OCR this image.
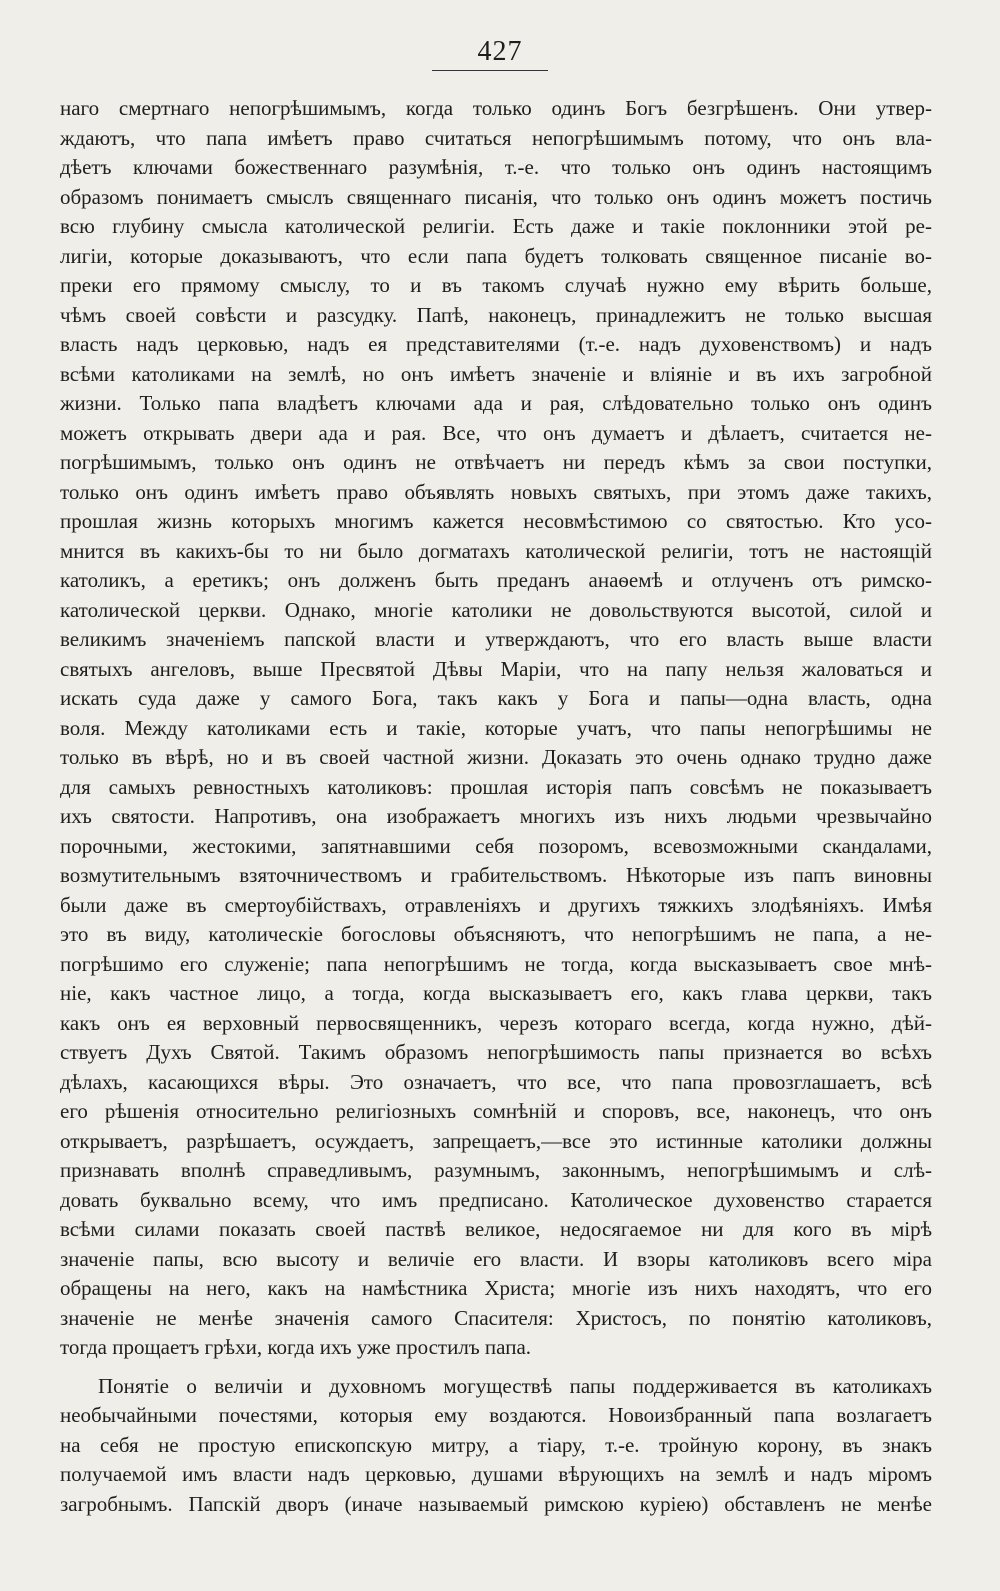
427
наго смертнаго непогрѣшимымъ, когда только одинъ Богъ безгрѣшенъ. Они утвер-
ждаютъ, что папа имѣетъ право считаться непогрѣшимымъ потому, что онъ вла-
дѣетъ ключами божественнаго разумѣнія, т.-е. что только онъ одинъ настоящимъ
образомъ понимаетъ смыслъ священнаго писанія, что только онъ одинъ можетъ постичь
всю глубину смысла католической религіи. Есть даже и такіе поклонники этой ре-
лигіи, которые доказываютъ, что если папа будетъ толковать священное писаніе во-
преки его прямому смыслу, то и въ такомъ случаѣ нужно ему вѣрить больше,
чѣмъ своей совѣсти и разсудку. Папѣ, наконецъ, принадлежитъ не только высшая
власть надъ церковью, надъ ея представителями (т.-е. надъ духовенствомъ) и надъ
всѣми католиками на землѣ, но онъ имѣетъ значеніе и вліяніе и въ ихъ загробной
жизни. Только папа владѣетъ ключами ада и рая, слѣдовательно только онъ одинъ
можетъ открывать двери ада и рая. Все, что онъ думаетъ и дѣлаетъ, считается не-
погрѣшимымъ, только онъ одинъ не отвѣчаетъ ни передъ кѣмъ за свои поступки,
только онъ одинъ имѣетъ право объявлять новыхъ святыхъ, при этомъ даже такихъ,
прошлая жизнь которыхъ многимъ кажется несовмѣстимою со святостью. Кто усо-
мнится въ какихъ-бы то ни было догматахъ католической религіи, тотъ не настоящій
католикъ, а еретикъ; онъ долженъ быть преданъ анаѳемѣ и отлученъ отъ римско-
католической церкви. Однако, многіе католики не довольствуются высотой, силой и
великимъ значеніемъ папской власти и утверждаютъ, что его власть выше власти
святыхъ ангеловъ, выше Пресвятой Дѣвы Маріи, что на папу нельзя жаловаться и
искать суда даже у самого Бога, такъ какъ у Бога и папы—одна власть, одна
воля. Между католиками есть и такіе, которые учатъ, что папы непогрѣшимы не
только въ вѣрѣ, но и въ своей частной жизни. Доказать это очень однако трудно даже
для самыхъ ревностныхъ католиковъ: прошлая исторія папъ совсѣмъ не показываетъ
ихъ святости. Напротивъ, она изображаетъ многихъ изъ нихъ людьми чрезвычайно
порочными, жестокими, запятнавшими себя позоромъ, всевозможными скандалами,
возмутительнымъ взяточничествомъ и грабительствомъ. Нѣкоторые изъ папъ виновны
были даже въ смертоубійствахъ, отравленіяхъ и другихъ тяжкихъ злодѣяніяхъ. Имѣя
это въ виду, католическіе богословы объясняютъ, что непогрѣшимъ не папа, а не-
погрѣшимо его служеніе; папа непогрѣшимъ не тогда, когда высказываетъ свое мнѣ-
ніе, какъ частное лицо, а тогда, когда высказываетъ его, какъ глава церкви, такъ
какъ онъ ея верховный первосвященникъ, черезъ котораго всегда, когда нужно, дѣй-
ствуетъ Духъ Святой. Такимъ образомъ непогрѣшимость папы признается во всѣхъ
дѣлахъ, касающихся вѣры. Это означаетъ, что все, что папа провозглашаетъ, всѣ
его рѣшенія относительно религіозныхъ сомнѣній и споровъ, все, наконецъ, что онъ
открываетъ, разрѣшаетъ, осуждаетъ, запрещаетъ,—все это истинные католики должны
признавать вполнѣ справедливымъ, разумнымъ, законнымъ, непогрѣшимымъ и слѣ-
довать буквально всему, что имъ предписано. Католическое духовенство старается
всѣми силами показать своей паствѣ великое, недосягаемое ни для кого въ мірѣ
значеніе папы, всю высоту и величіе его власти. И взоры католиковъ всего міра
обращены на него, какъ на намѣстника Христа; многіе изъ нихъ находятъ, что его
значеніе не менѣе значенія самого Спасителя: Христосъ, по понятію католиковъ,
тогда прощаетъ грѣхи, когда ихъ уже простилъ папа.
Понятіе о величіи и духовномъ могуществѣ папы поддерживается въ католикахъ
необычайными почестями, которыя ему воздаются. Новоизбранный папа возлагаетъ
на себя не простую епископскую митру, а тіару, т.-е. тройную корону, въ знакъ
получаемой имъ власти надъ церковью, душами вѣрующихъ на землѣ и надъ міромъ
загробнымъ. Папскій дворъ (иначе называемый римскою куріею) обставленъ не менѣе
